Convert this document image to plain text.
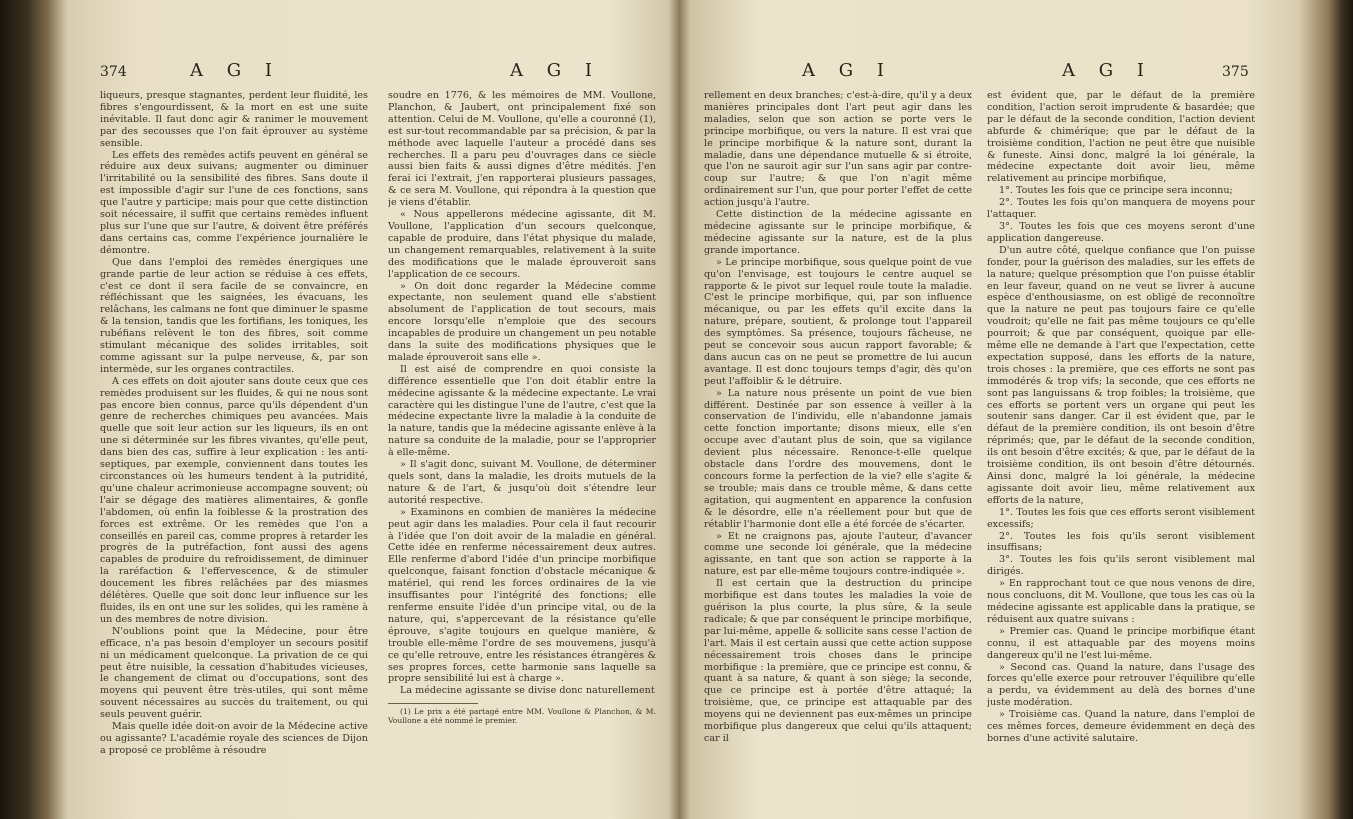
374	A G I	A G I

liqueurs, presque stagnantes, perdent leur fluidité, les fibres s'engourdissent, & la mort en est une suite inévitable. Il faut donc agir & ranimer le mouvement par des secousses que l'on fait éprouver au système sensible.

Les effets des remèdes actifs peuvent en général se réduire aux deux suivans; augmenter ou diminuer l'irritabilité ou la sensibilité des fibres. Sans doute il est impossible d'agir sur l'une de ces fonctions, sans que l'autre y participe; mais pour que cette distinction soit nécessaire, il suffit que certains remèdes influent plus sur l'une que sur l'autre, & doivent être préférés dans certains cas, comme l'expérience journalière le démontre.

Que dans l'emploi des remèdes énergiques une grande partie de leur action se réduise à ces effets, c'est ce dont il sera facile de se convaincre, en réfléchissant que les saignées, les évacuans, les relâchans, les calmans ne font que diminuer le spasme & la tension, tandis que les fortifians, les toniques, les rubéfians relèvent le ton des fibres, soit comme stimulant mécanique des solides irritables, soit comme agissant sur la pulpe nerveuse, &, par son intermède, sur les organes contractiles.

A ces effets on doit ajouter sans doute ceux que ces remèdes produisent sur les fluides, & qui ne nous sont pas encore bien connus, parce qu'ils dépendent d'un genre de recherches chimiques peu avancées. Mais quelle que soit leur action sur les liqueurs, ils en ont une si déterminée sur les fibres vivantes, qu'elle peut, dans bien des cas, suffire à leur explication : les anti-septiques, par exemple, conviennent dans toutes les circonstances où les humeurs tendent à la putridité, qu'une chaleur acrimonieuse accompagne souvent; où l'air se dégage des matières alimentaires, & gonfle l'abdomen, où enfin la foiblesse & la prostration des forces est extrême. Or les remèdes que l'on a conseillés en pareil cas, comme propres à retarder les progrès de la putréfaction, font aussi des agens capables de produire du refroidissement, de diminuer la raréfaction & l'effervescence, & de stimuler doucement les fibres relâchées par des miasmes délétères. Quelle que soit donc leur influence sur les fluides, ils en ont une sur les solides, qui les ramène à un des membres de notre division.

N'oublions point que la Médecine, pour être efficace, n'a pas besoin d'employer un secours positif ni un médicament quelconque. La privation de ce qui peut être nuisible, la cessation d'habitudes vicieuses, le changement de climat ou d'occupations, sont des moyens qui peuvent être très-utiles, qui sont même souvent nécessaires au succès du traitement, ou qui seuls peuvent guérir.

Mais quelle idée doit-on avoir de la Médecine active ou agissante? L'académie royale des sciences de Dijon a proposé ce problême à résoudre

soudre en 1776, & les mémoires de MM. Voullone, Planchon, & Jaubert, ont principalement fixé son attention. Celui de M. Voullone, qu'elle a couronné (1), est sur-tout recommandable par sa précision, & par la méthode avec laquelle l'auteur a procédé dans ses recherches. Il a paru peu d'ouvrages dans ce siècle aussi bien faits & aussi dignes d'être médités. J'en ferai ici l'extrait, j'en rapporterai plusieurs passages, & ce sera M. Voullone, qui répondra à la question que je viens d'établir.

« Nous appellerons médecine agissante, dit M. Voullone, l'application d'un secours quelconque, capable de produire, dans l'état physique du malade, un changement remarquables, relativement à la suite des modifications que le malade éprouveroit sans l'application de ce secours.

» On doit donc regarder la Médecine comme expectante, non seulement quand elle s'abstient absolument de l'application de tout secours, mais encore lorsqu'elle n'emploie que des secours incapables de produire un changement un peu notable dans la suite des modifications physiques que le malade éprouveroit sans elle ».

Il est aisé de comprendre en quoi consiste la différence essentielle que l'on doit établir entre la médecine agissante & la médecine expectante. Le vrai caractère qui les distingue l'une de l'autre, c'est que la médecine expectante livre la maladie à la conduite de la nature, tandis que la médecine agissante enlève à la nature sa conduite de la maladie, pour se l'approprier à elle-même.

» Il s'agit donc, suivant M. Voullone, de déterminer quels sont, dans la maladie, les droits mutuels de la nature & de l'art, & jusqu'où doit s'étendre leur autorité respective.

» Examinons en combien de manières la médecine peut agir dans les maladies. Pour cela il faut recourir à l'idée que l'on doit avoir de la maladie en général. Cette idée en renferme nécessairement deux autres. Elle renferme d'abord l'idée d'un principe morbifique quelconque, faisant fonction d'obstacle mécanique & matériel, qui rend les forces ordinaires de la vie insuffisantes pour l'intégrité des fonctions; elle renferme ensuite l'idée d'un principe vital, ou de la nature, qui, s'appercevant de la résistance qu'elle éprouve, s'agite toujours en quelque manière, & trouble elle-même l'ordre de ses mouvemens, jusqu'à ce qu'elle retrouve, entre les résistances étrangères & ses propres forces, cette harmonie sans laquelle sa propre sensibilité lui est à charge ».

La médecine agissante se divise donc naturellement

(1) Le prix a été partagé entre MM. Voullone & Planchon, & M. Voullone a été nommé le premier.

A G I	A G I	375

rellement en deux branches; c'est-à-dire, qu'il y a deux manières principales dont l'art peut agir dans les maladies, selon que son action se porte vers le principe morbifique, ou vers la nature. Il est vrai que le principe morbifique & la nature sont, durant la maladie, dans une dépendance mutuelle & si étroite, que l'on ne sauroit agir sur l'un sans agir par contre-coup sur l'autre; & que l'on n'agit même ordinairement sur l'un, que pour porter l'effet de cette action jusqu'à l'autre.

Cette distinction de la médecine agissante en médecine agissante sur le principe morbifique, & médecine agissante sur la nature, est de la plus grande importance.

» Le principe morbifique, sous quelque point de vue qu'on l'envisage, est toujours le centre auquel se rapporte & le pivot sur lequel roule toute la maladie. C'est le principe morbifique, qui, par son influence mécanique, ou par les effets qu'il excite dans la nature, prépare, soutient, & prolonge tout l'appareil des symptômes. Sa présence, toujours fâcheuse, ne peut se concevoir sous aucun rapport favorable; & dans aucun cas on ne peut se promettre de lui aucun avantage. Il est donc toujours temps d'agir, dès qu'on peut l'affoiblir & le détruire.

» La nature nous présente un point de vue bien différent. Destinée par son essence à veiller à la conservation de l'individu, elle n'abandonne jamais cette fonction importante; disons mieux, elle s'en occupe avec d'autant plus de soin, que sa vigilance devient plus nécessaire. Renonce-t-elle quelque obstacle dans l'ordre des mouvemens, dont le concours forme la perfection de la vie? elle s'agite & se trouble; mais dans ce trouble même, & dans cette agitation, qui augmentent en apparence la confusion & le désordre, elle n'a réellement pour but que de rétablir l'harmonie dont elle a été forcée de s'écarter.

» Et ne craignons pas, ajoute l'auteur, d'avancer comme une seconde loi générale, que la médecine agissante, en tant que son action se rapporte à la nature, est par elle-même toujours contre-indiquée ».

Il est certain que la destruction du principe morbifique est dans toutes les maladies la voie de guérison la plus courte, la plus sûre, & la seule radicale; & que par conséquent le principe morbifique, par lui-même, appelle & sollicite sans cesse l'action de l'art. Mais il est certain aussi que cette action suppose nécessairement trois choses dans le principe morbifique : la première, que ce principe est connu, & quant à sa nature, & quant à son siège; la seconde, que ce principe est à portée d'être attaqué; la troisième, que, ce principe est attaquable par des moyens qui ne deviennent pas eux-mêmes un principe morbifique plus dangereux que celui qu'ils attaquent; car il

est évident que, par le défaut de la première condition, l'action seroit imprudente & basardée; que par le défaut de la seconde condition, l'action devient abfurde & chimérique; que par le défaut de la troisième condition, l'action ne peut être que nuisible & funeste. Ainsi donc, malgré la loi générale, la médecine expectante doit avoir lieu, même relativement au principe morbifique,

1°. Toutes les fois que ce principe sera inconnu;

2°. Toutes les fois qu'on manquera de moyens pour l'attaquer.

3°. Toutes les fois que ces moyens seront d'une application dangereuse.

D'un autre côté, quelque confiance que l'on puisse fonder, pour la guérison des maladies, sur les effets de la nature; quelque présomption que l'on puisse établir en leur faveur, quand on ne veut se livrer à aucune espèce d'enthousiasme, on est obligé de reconnoître que la nature ne peut pas toujours faire ce qu'elle voudroit; qu'elle ne fait pas même toujours ce qu'elle pourroit; & que par conséquent, quoique par elle-même elle ne demande à l'art que l'expectation, cette expectation supposé, dans les efforts de la nature, trois choses : la première, que ces efforts ne sont pas immodérés & trop vifs; la seconde, que ces efforts ne sont pas languissans & trop foibles; la troisième, que ces efforts se portent vers un organe qui peut les soutenir sans danger. Car il est évident que, par le défaut de la première condition, ils ont besoin d'être réprimés; que, par le défaut de la seconde condition, ils ont besoin d'être excités; & que, par le défaut de la troisième condition, ils ont besoin d'être détournés. Ainsi donc, malgré la loi générale, la médecine agissante doit avoir lieu, même relativement aux efforts de la nature,

1°. Toutes les fois que ces efforts seront visiblement excessifs;

2°. Toutes les fois qu'ils seront visiblement insuffisans;

3°. Toutes les fois qu'ils seront visiblement mal dirigés.

» En rapprochant tout ce que nous venons de dire, nous concluons, dit M. Voullone, que tous les cas où la médecine agissante est applicable dans la pratique, se réduisent aux quatre suivans :

» Premier cas. Quand le principe morbifique étant connu, il est attaquable par des moyens moins dangereux qu'il ne l'est lui-même.

» Second cas. Quand la nature, dans l'usage des forces qu'elle exerce pour retrouver l'équilibre qu'elle a perdu, va évidemment au delà des bornes d'une juste modération.

» Troisième cas. Quand la nature, dans l'emploi de ces mêmes forces, demeure évidemment en deçà des bornes d'une activité salutaire.
